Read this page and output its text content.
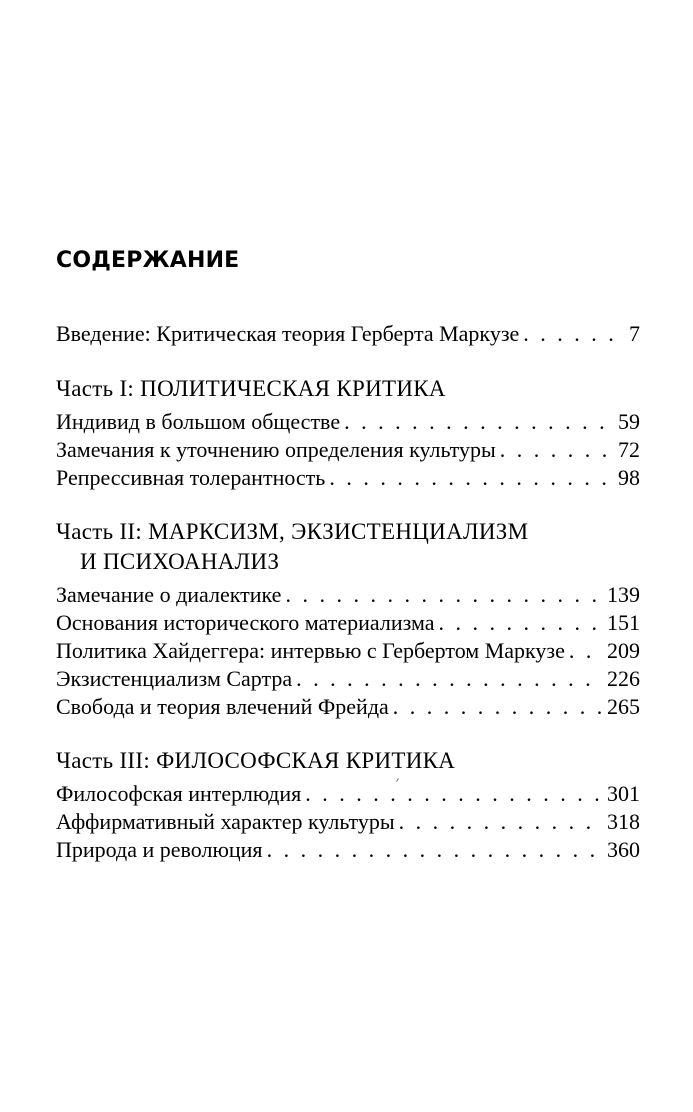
СОДЕРЖАНИЕ
Введение: Критическая теория Герберта Маркузе . . .	7
Часть I: ПОЛИТИЧЕСКАЯ КРИТИКА
Индивид в большом обществе . . .	59
Замечания к уточнению определения культуры . . .	72
Репрессивная толерантность . . .	98
Часть II: МАРКСИЗМ, ЭКЗИСТЕНЦИАЛИЗМ
И ПСИХОАНАЛИЗ
Замечание о диалектике . . .	139
Основания исторического материализма . . .	151
Политика Хайдеггера: интервью с Гербертом Маркузе . . . 209
Экзистенциализм Сартра . . .	226
Свобода и теория влечений Фрейда . . .	265
Часть III: ФИЛОСОФСКАЯ КРИТИКА
Философская интерлюдия . . .	301
Аффирмативный характер культуры . . .	318
Природа и революция . . .	360
